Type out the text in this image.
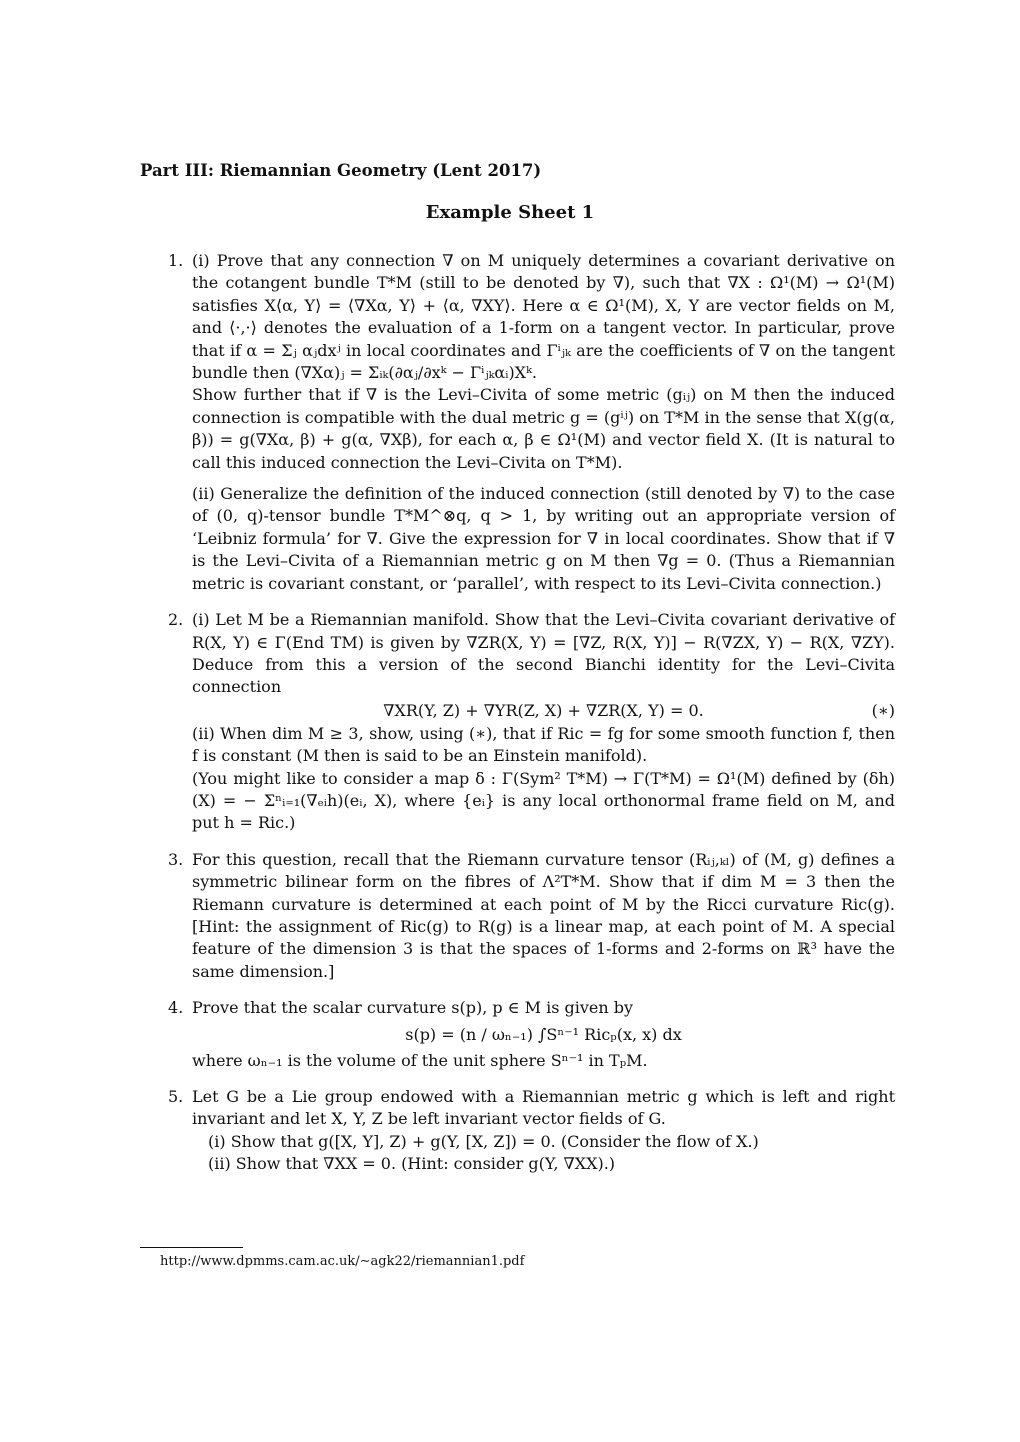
Part III: Riemannian Geometry (Lent 2017)
Example Sheet 1
1. (i) Prove that any connection ∇ on M uniquely determines a covariant derivative on the cotangent bundle T*M (still to be denoted by ∇), such that ∇X : Ω¹(M) → Ω¹(M) satisfies X⟨α, Y⟩ = ⟨∇Xα, Y⟩ + ⟨α, ∇XY⟩. Here α ∈ Ω¹(M), X, Y are vector fields on M, and ⟨·,·⟩ denotes the evaluation of a 1-form on a tangent vector. In particular, prove that if α = Σⱼ αⱼdxʲ in local coordinates and Γⁱⱼₖ are the coefficients of ∇ on the tangent bundle then (∇Xα)ⱼ = Σᵢₖ(∂αⱼ/∂xᵏ − Γⁱⱼₖαᵢ)Xᵏ.
Show further that if ∇ is the Levi–Civita of some metric (gᵢⱼ) on M then the induced connection is compatible with the dual metric g = (gⁱʲ) on T*M in the sense that X(g(α, β)) = g(∇Xα, β) + g(α, ∇Xβ), for each α, β ∈ Ω¹(M) and vector field X. (It is natural to call this induced connection the Levi–Civita on T*M).
(ii) Generalize the definition of the induced connection (still denoted by ∇) to the case of (0, q)-tensor bundle T*M^⊗q, q > 1, by writing out an appropriate version of ‘Leibniz formula’ for ∇. Give the expression for ∇ in local coordinates. Show that if ∇ is the Levi–Civita of a Riemannian metric g on M then ∇g = 0. (Thus a Riemannian metric is covariant constant, or ‘parallel’, with respect to its Levi–Civita connection.)
2. (i) Let M be a Riemannian manifold. Show that the Levi–Civita covariant derivative of R(X, Y) ∈ Γ(End TM) is given by ∇ZR(X, Y) = [∇Z, R(X, Y)] − R(∇ZX, Y) − R(X, ∇ZY). Deduce from this a version of the second Bianchi identity for the Levi–Civita connection
∇XR(Y, Z) + ∇YR(Z, X) + ∇ZR(X, Y) = 0.	(∗)
(ii) When dim M ≥ 3, show, using (∗), that if Ric = fg for some smooth function f, then f is constant (M then is said to be an Einstein manifold).
(You might like to consider a map δ : Γ(Sym² T*M) → Γ(T*M) = Ω¹(M) defined by (δh)(X) = − Σⁿᵢ₌₁(∇ₑᵢh)(eᵢ, X), where {eᵢ} is any local orthonormal frame field on M, and put h = Ric.)
3. For this question, recall that the Riemann curvature tensor (Rᵢⱼ,ₖₗ) of (M, g) defines a symmetric bilinear form on the fibres of Λ²T*M. Show that if dim M = 3 then the Riemann curvature is determined at each point of M by the Ricci curvature Ric(g). [Hint: the assignment of Ric(g) to R(g) is a linear map, at each point of M. A special feature of the dimension 3 is that the spaces of 1-forms and 2-forms on ℝ³ have the same dimension.]
4. Prove that the scalar curvature s(p), p ∈ M is given by
s(p) = (n / ωₙ₋₁) ∫Sⁿ⁻¹ Ricₚ(x, x) dx
where ωₙ₋₁ is the volume of the unit sphere Sⁿ⁻¹ in TₚM.
5. Let G be a Lie group endowed with a Riemannian metric g which is left and right invariant and let X, Y, Z be left invariant vector fields of G.
(i) Show that g([X, Y], Z) + g(Y, [X, Z]) = 0. (Consider the flow of X.)
(ii) Show that ∇XX = 0. (Hint: consider g(Y, ∇XX).)
http://www.dpmms.cam.ac.uk/∼agk22/riemannian1.pdf
